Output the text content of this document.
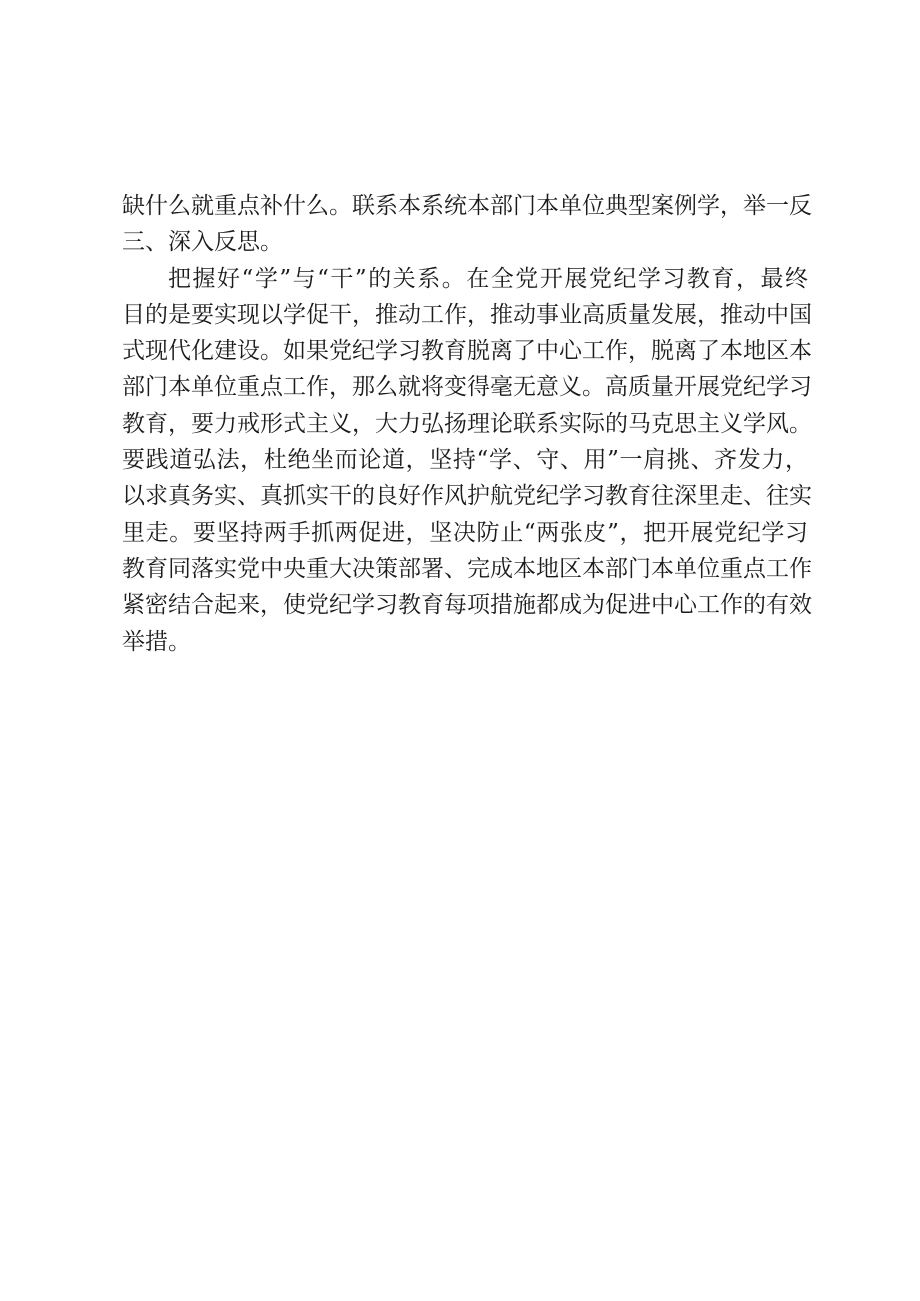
缺什么就重点补什么。联系本系统本部门本单位典型案例学，举一反
三、深入反思。
把握好“学”与“干”的关系。在全党开展党纪学习教育，最终
目的是要实现以学促干，推动工作，推动事业高质量发展，推动中国
式现代化建设。如果党纪学习教育脱离了中心工作，脱离了本地区本
部门本单位重点工作，那么就将变得毫无意义。高质量开展党纪学习
教育，要力戒形式主义，大力弘扬理论联系实际的马克思主义学风。
要践道弘法，杜绝坐而论道，坚持“学、守、用”一肩挑、齐发力，
以求真务实、真抓实干的良好作风护航党纪学习教育往深里走、往实
里走。要坚持两手抓两促进，坚决防止“两张皮”，把开展党纪学习
教育同落实党中央重大决策部署、完成本地区本部门本单位重点工作
紧密结合起来，使党纪学习教育每项措施都成为促进中心工作的有效
举措。
